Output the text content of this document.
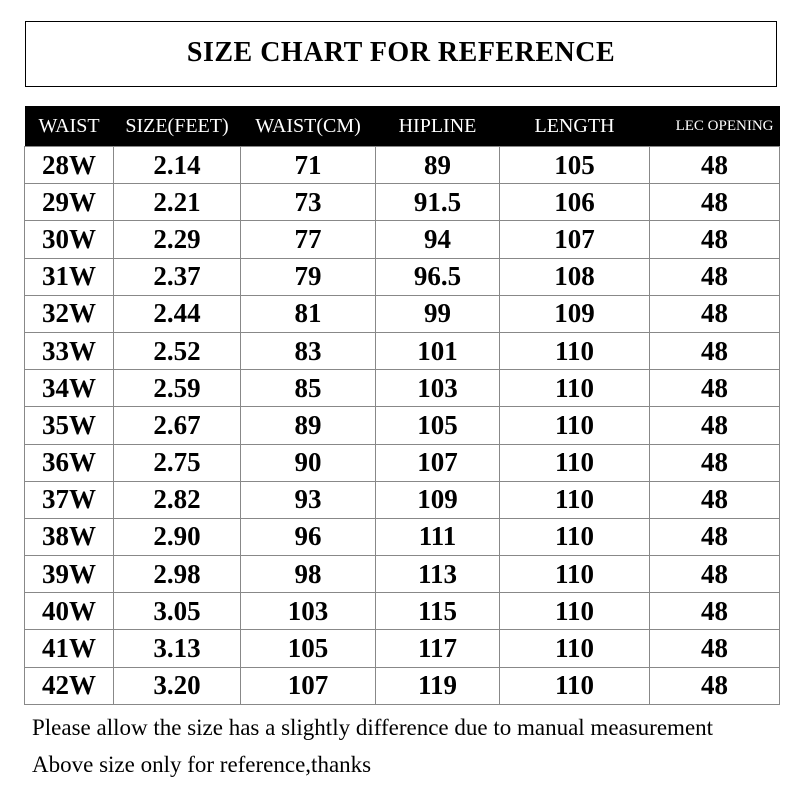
SIZE CHART FOR REFERENCE
WAIST	SIZE(FEET)	WAIST(CM)	HIPLINE	LENGTH	LEC OPENING
28W	2.14	71	89	105	48
29W	2.21	73	91.5	106	48
30W	2.29	77	94	107	48
31W	2.37	79	96.5	108	48
32W	2.44	81	99	109	48
33W	2.52	83	101	110	48
34W	2.59	85	103	110	48
35W	2.67	89	105	110	48
36W	2.75	90	107	110	48
37W	2.82	93	109	110	48
38W	2.90	96	111	110	48
39W	2.98	98	113	110	48
40W	3.05	103	115	110	48
41W	3.13	105	117	110	48
42W	3.20	107	119	110	48
Please allow the size has a slightly difference due to manual measurement
Above size only for reference,thanks
